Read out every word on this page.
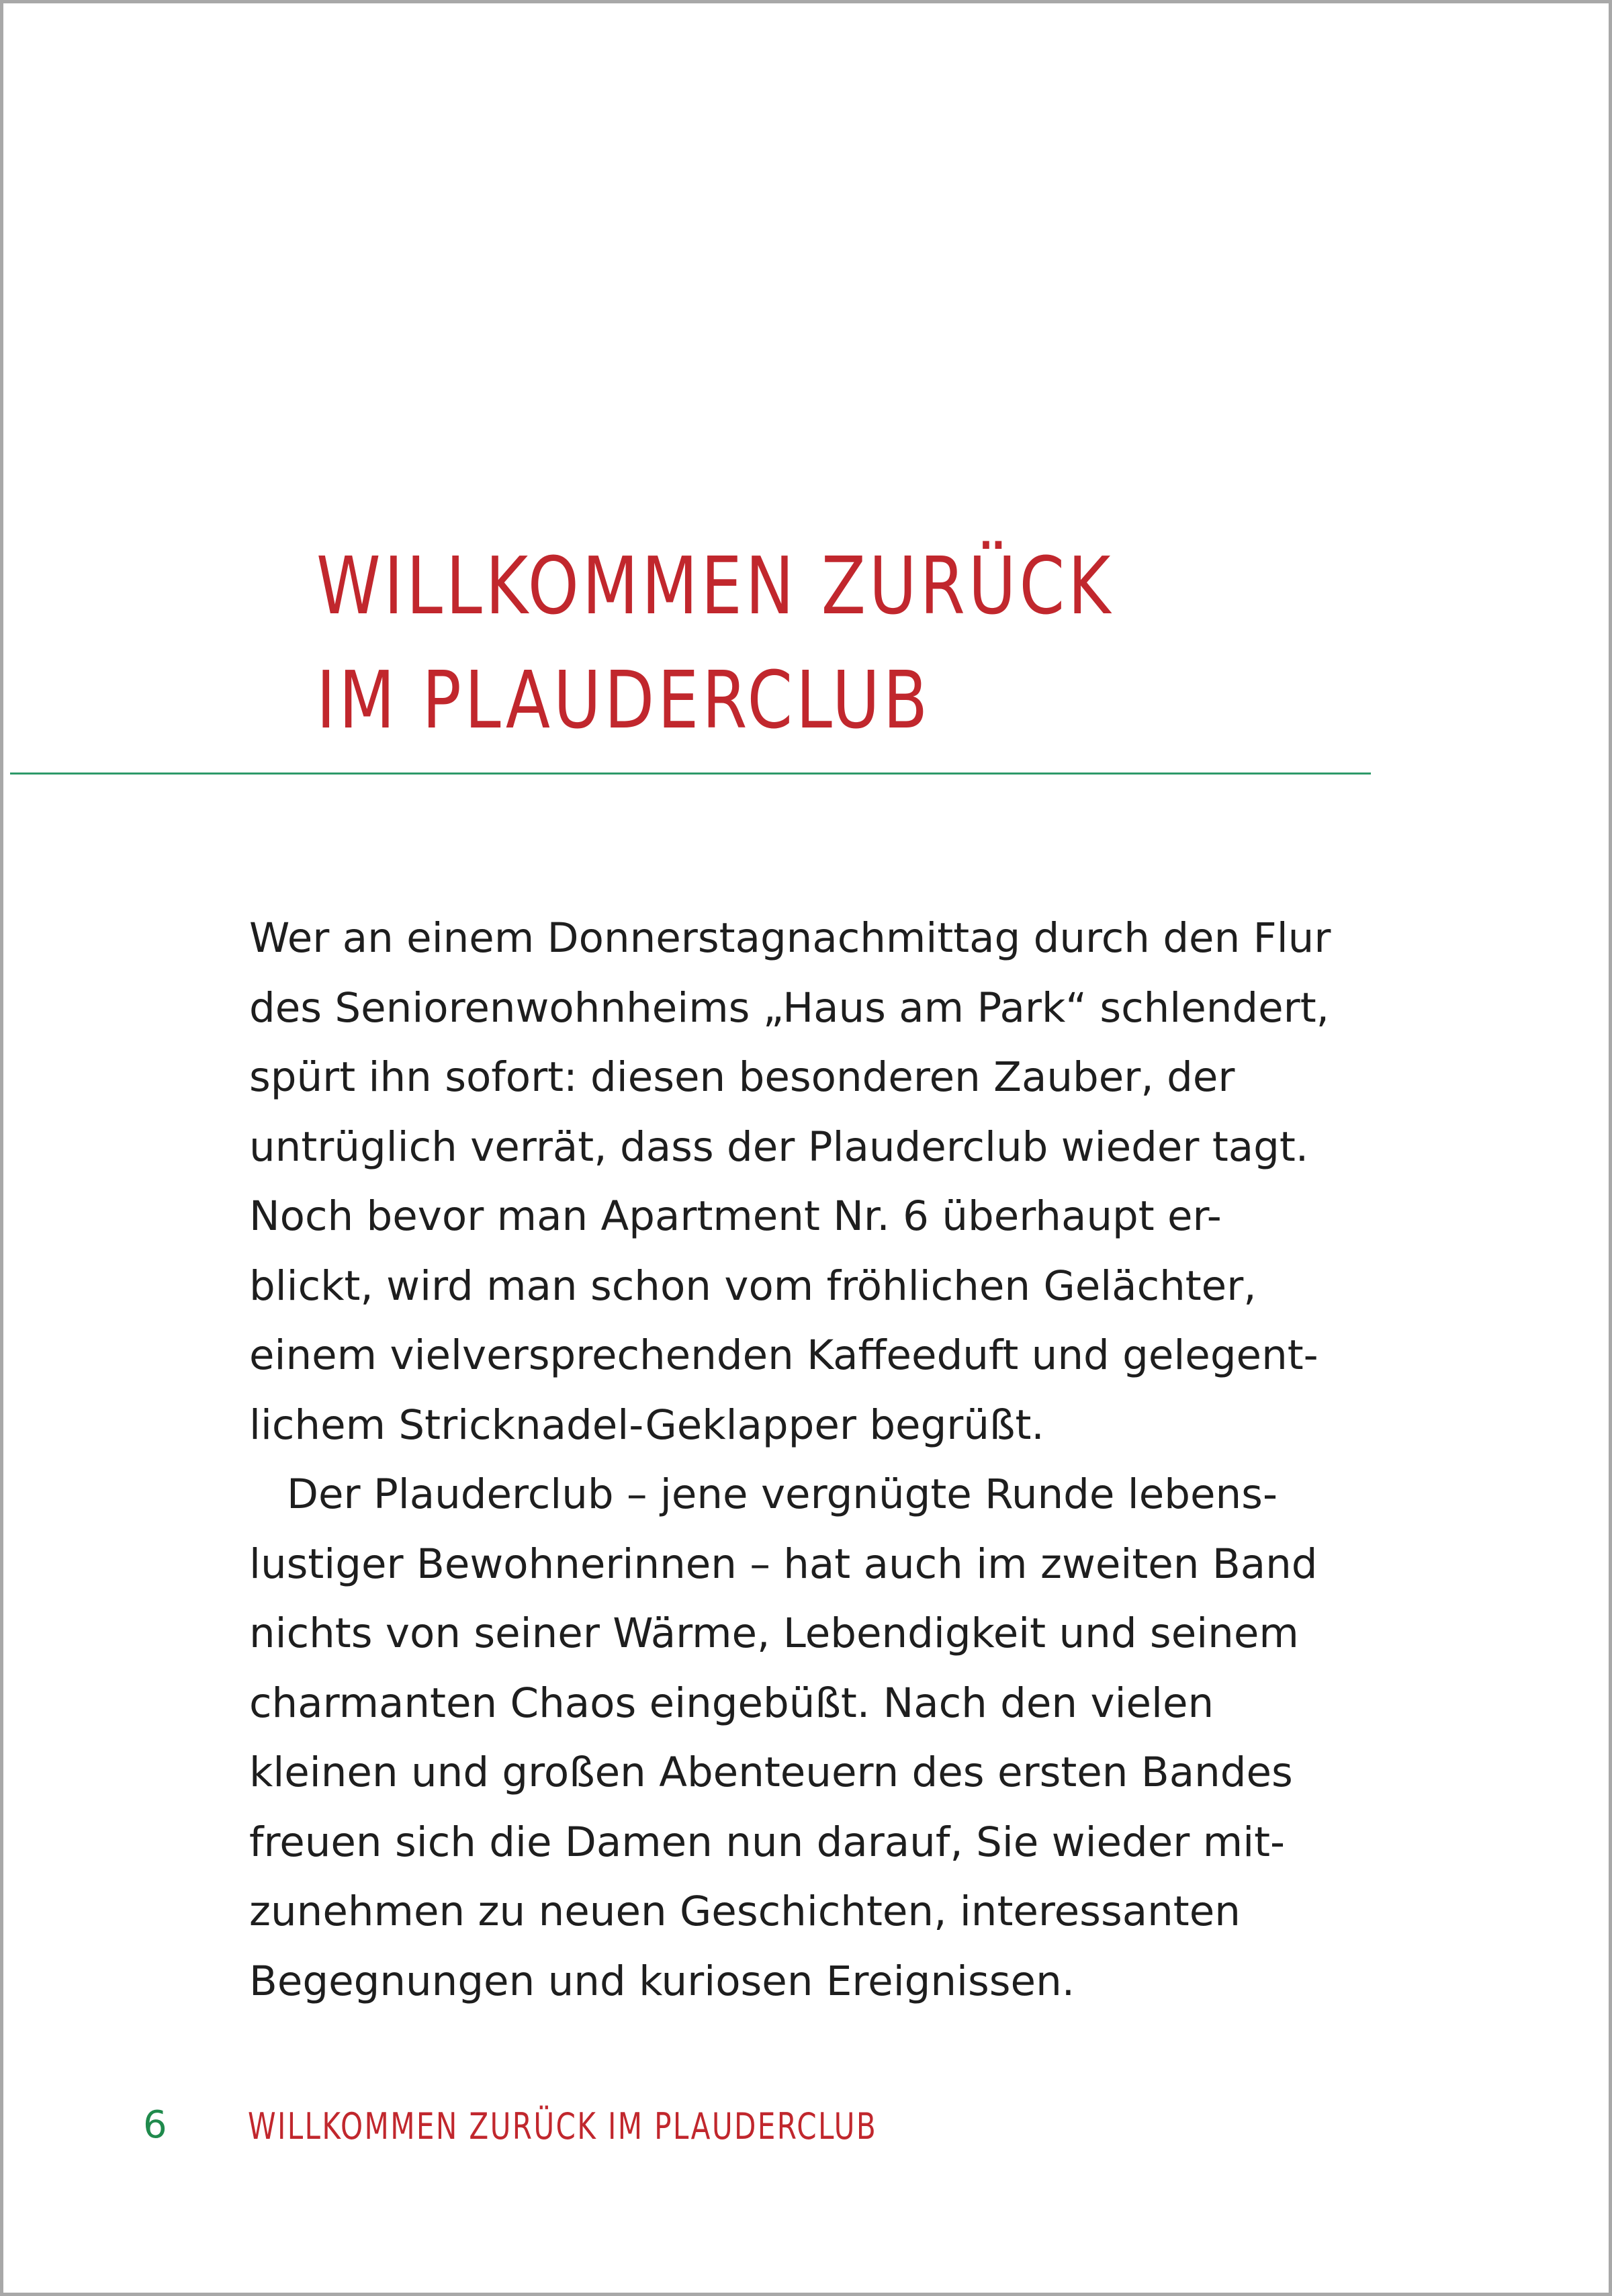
WILLKOMMEN ZURÜCK
IM PLAUDERCLUB
Wer an einem Donnerstagnachmittag durch den Flur
des Seniorenwohnheims „Haus am Park“ schlendert,
spürt ihn sofort: diesen besonderen Zauber, der
untrüglich verrät, dass der Plauderclub wieder tagt.
Noch bevor man Apartment Nr. 6 überhaupt er-
blickt, wird man schon vom fröhlichen Gelächter,
einem vielversprechenden Kaffeeduft und gelegent-
lichem Stricknadel-Geklapper begrüßt.
Der Plauderclub – jene vergnügte Runde lebens-
lustiger Bewohnerinnen – hat auch im zweiten Band
nichts von seiner Wärme, Lebendigkeit und seinem
charmanten Chaos eingebüßt. Nach den vielen
kleinen und großen Abenteuern des ersten Bandes
freuen sich die Damen nun darauf, Sie wieder mit-
zunehmen zu neuen Geschichten, interessanten
Begegnungen und kuriosen Ereignissen.
6 WILLKOMMEN ZURÜCK IM PLAUDERCLUB
